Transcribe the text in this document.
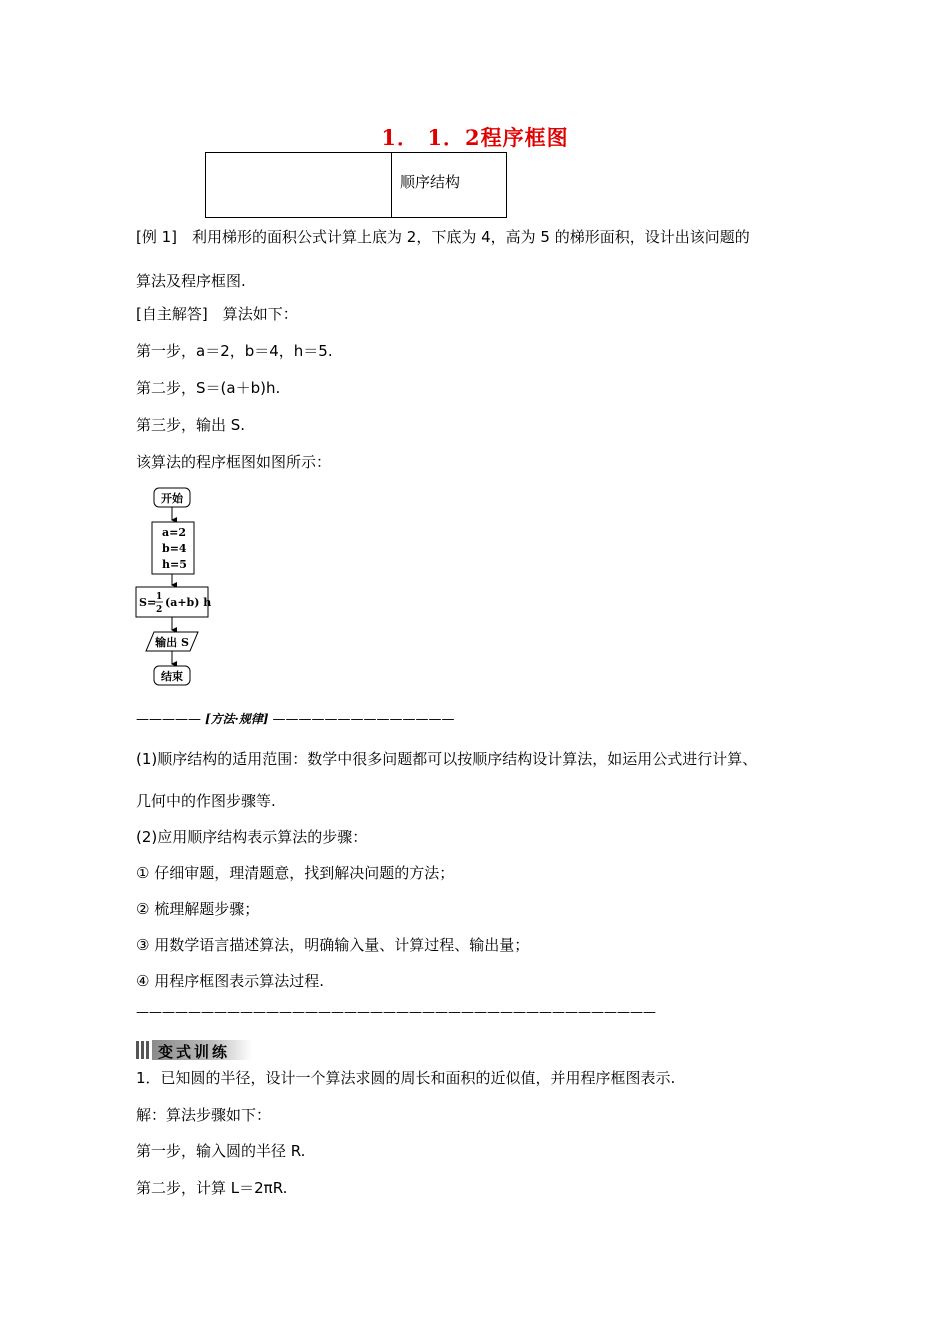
1． 1．2程序框图
	顺序结构
[例 1]　利用梯形的面积公式计算上底为 2，下底为 4，高为 5 的梯形面积，设计出该问题的
算法及程序框图.
[自主解答]　算法如下：
第一步，a＝2，b＝4，h＝5.
第二步，S＝(a＋b)h.
第三步，输出 S.
该算法的程序框图如图所示：
开始
a=2
b=4
h=5
S= 1
2
(a+b) h
输出 S
结束
————— [方法·规律] ——————————————
(1)顺序结构的适用范围：数学中很多问题都可以按顺序结构设计算法，如运用公式进行计算、
几何中的作图步骤等.
(2)应用顺序结构表示算法的步骤：
① 仔细审题，理清题意，找到解决问题的方法；
② 梳理解题步骤；
③ 用数学语言描述算法，明确输入量、计算过程、输出量；
④ 用程序框图表示算法过程.
————————————————————————————————————————
变式训练
1．已知圆的半径，设计一个算法求圆的周长和面积的近似值，并用程序框图表示.
解：算法步骤如下：
第一步，输入圆的半径 R.
第二步，计算 L＝2πR.
